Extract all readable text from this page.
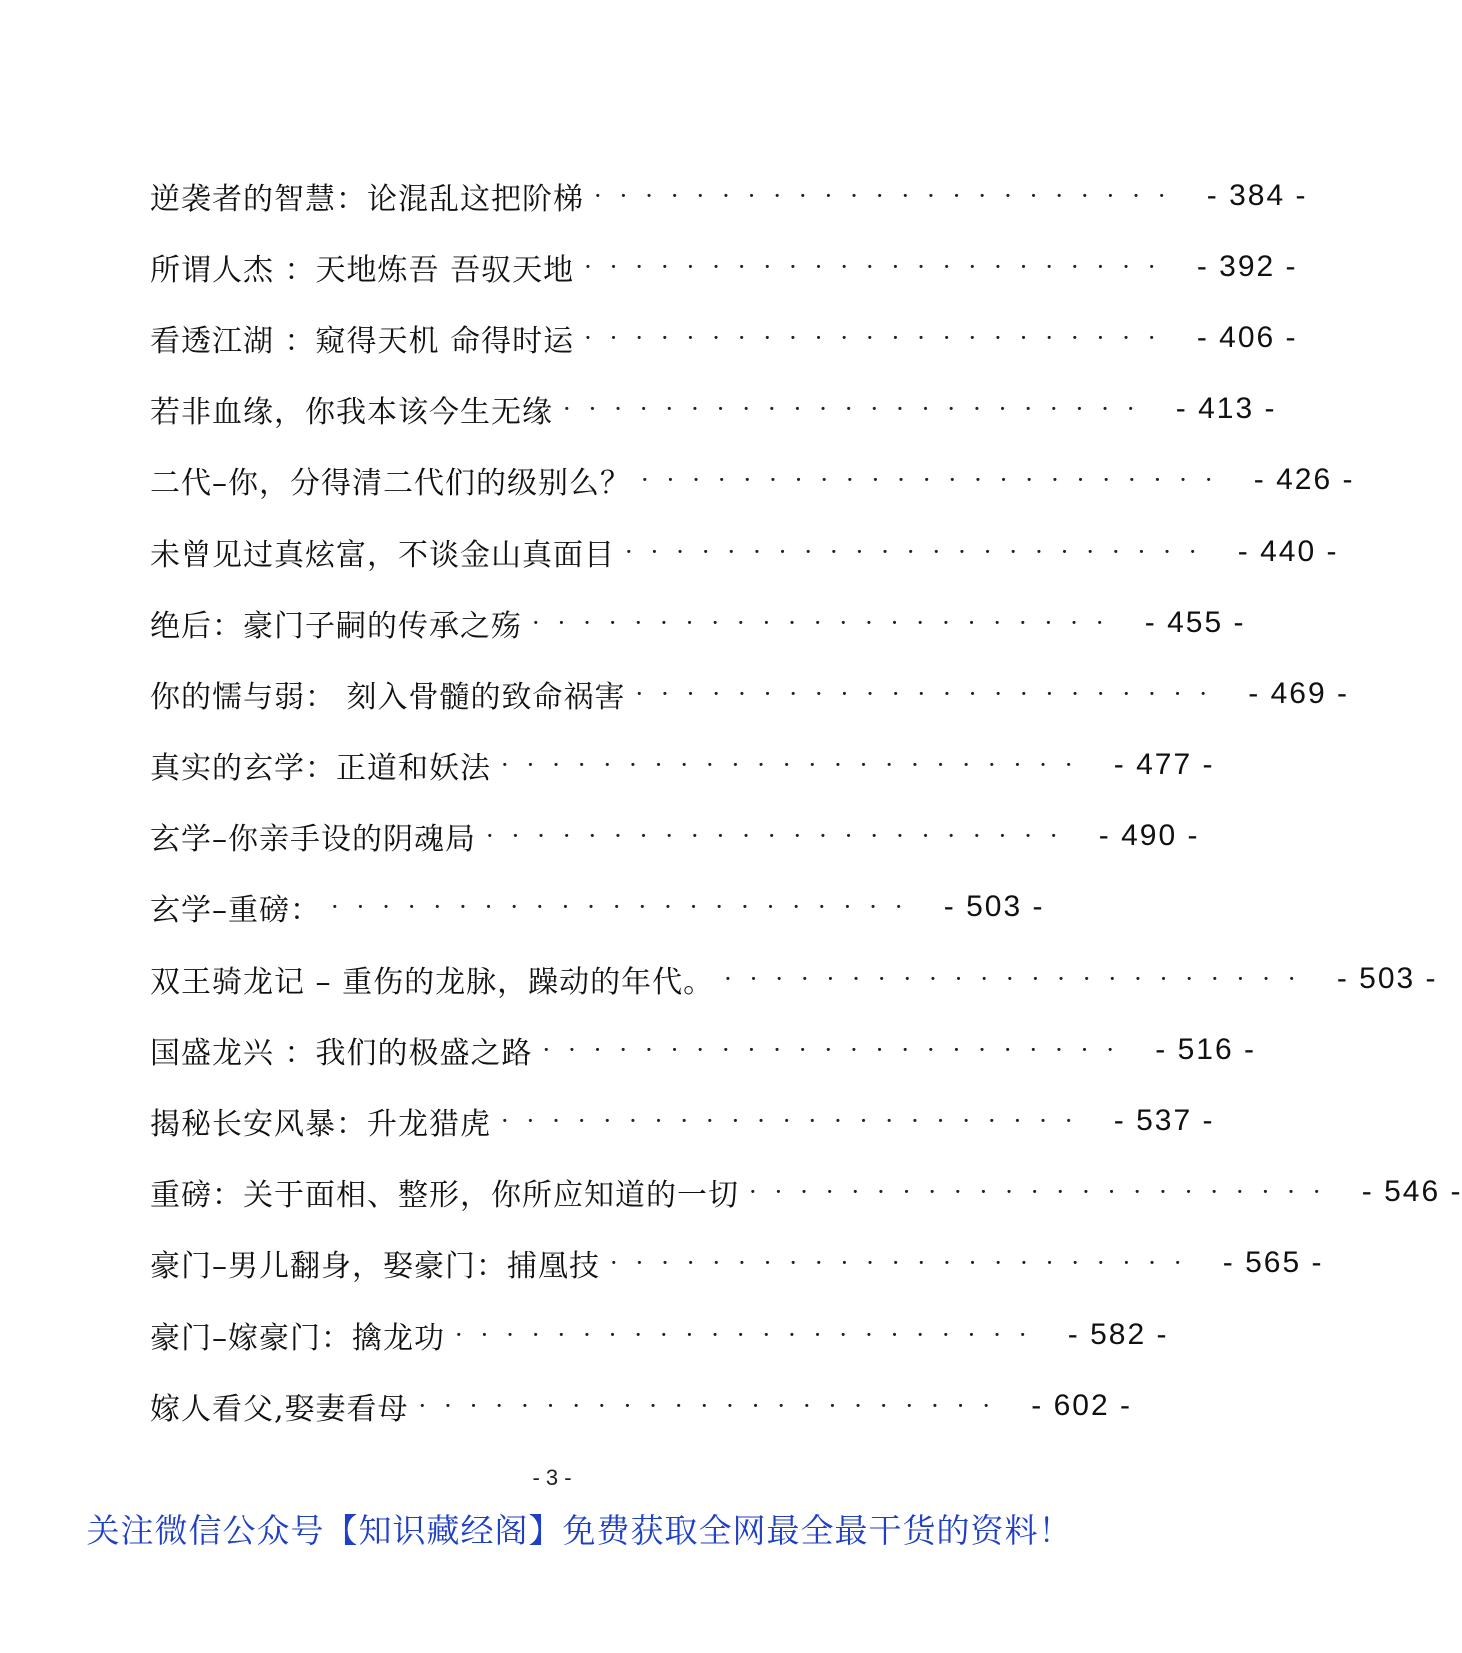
逆袭者的智慧：论混乱这把阶梯 ······················· - 384 -
所谓人杰 ：天地炼吾 吾驭天地 ······················· - 392 -
看透江湖 ：窥得天机 命得时运 ······················· - 406 -
若非血缘，你我本该今生无缘 ······················· - 413 -
二代–你，分得清二代们的级别么？ ······················· - 426 -
未曾见过真炫富，不谈金山真面目 ······················· - 440 -
绝后：豪门子嗣的传承之殇 ······················· - 455 -
你的懦与弱： 刻入骨髓的致命祸害 ······················· - 469 -
真实的玄学：正道和妖法 ······················· - 477 -
玄学–你亲手设的阴魂局 ······················· - 490 -
玄学–重磅： ······················· - 503 -
双王骑龙记 – 重伤的龙脉，躁动的年代。 ······················· - 503 -
国盛龙兴 ：我们的极盛之路 ······················· - 516 -
揭秘长安风暴：升龙猎虎 ······················· - 537 -
重磅：关于面相、整形，你所应知道的一切 ······················· - 546 -
豪门–男儿翻身，娶豪门：捕凰技 ······················· - 565 -
豪门–嫁豪门：擒龙功 ······················· - 582 -
嫁人看父,娶妻看母 ······················· - 602 -
- 3 -
关注微信公众号【知识藏经阁】免费获取全网最全最干货的资料！
